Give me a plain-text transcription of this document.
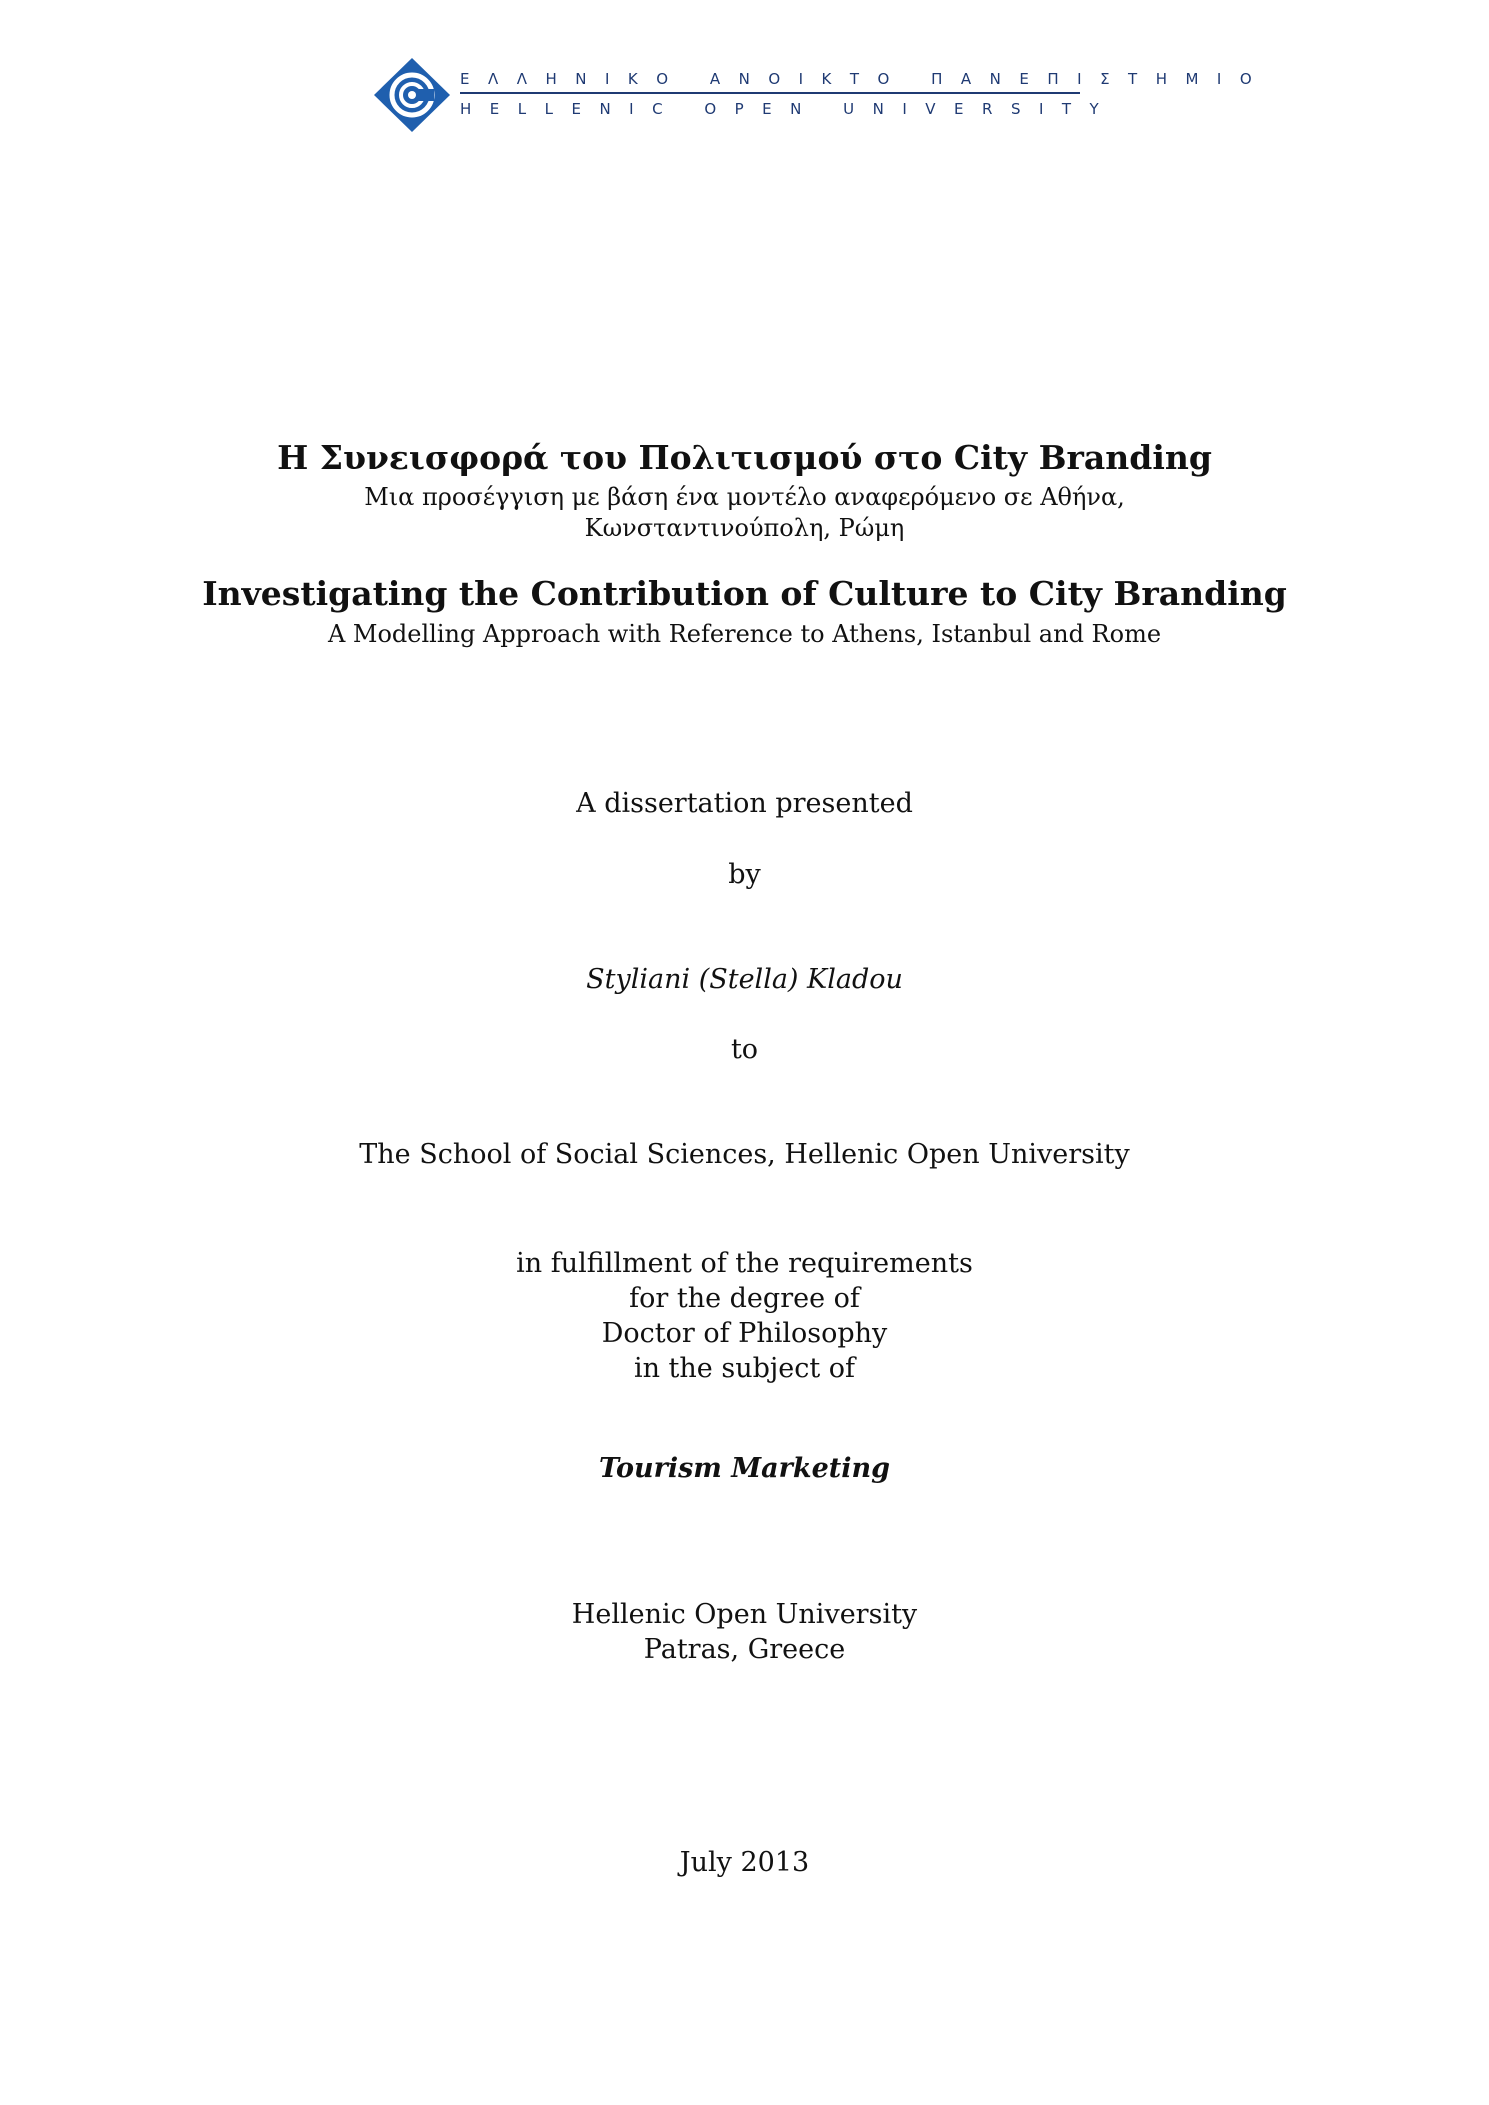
ΕΛΛΗΝΙΚΟ ΑΝΟΙΚΤΟ ΠΑΝΕΠΙΣΤΗΜΙΟ
HELLENIC OPEN UNIVERSITY
Η Συνεισφορά του Πολιτισμού στο City Branding
Μια προσέγγιση με βάση ένα μοντέλο αναφερόμενο σε Αθήνα,
Κωνσταντινούπολη, Ρώμη
Investigating the Contribution of Culture to City Branding
A Modelling Approach with Reference to Athens, Istanbul and Rome
A dissertation presented
by
Styliani (Stella) Kladou
to
The School of Social Sciences, Hellenic Open University
in fulfillment of the requirements
for the degree of
Doctor of Philosophy
in the subject of
Tourism Marketing
Hellenic Open University
Patras, Greece
July 2013
